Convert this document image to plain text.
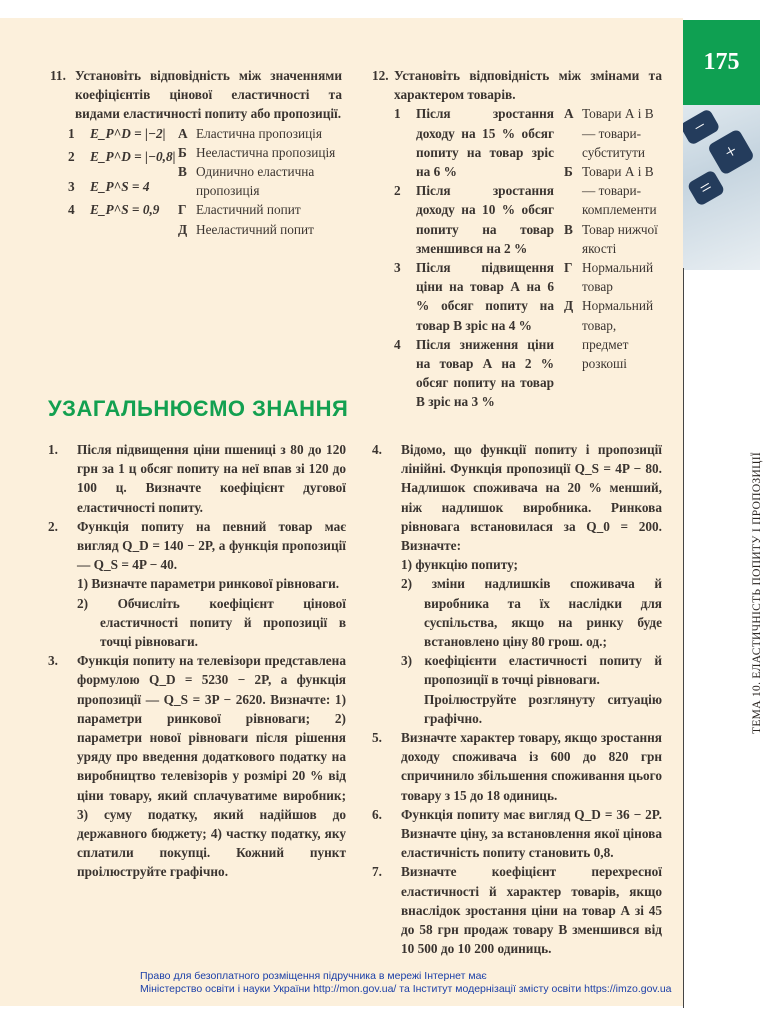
175
−
+
=
ТЕМА 10. ЕЛАСТИЧНІСТЬ ПОПИТУ І ПРОПОЗИЦІЇ
11. Установіть відповідність між значеннями коефіцієнтів цінової еластичності та видами еластичності попиту або пропозиції.

1	E_P^D = |−2|
2	E_P^D = |−0,8|
3	E_P^S = 4
4	E_P^S = 0,9
А Еластична пропозиція
Б Нееластична пропозиція
В Одинично еластична пропозиція
Г Еластичний попит
Д Нееластичний попит
12. Установіть відповідність між змінами та характером товарів.

1	Після зростання доходу на 15 % обсяг попиту на товар зріс на 6 %
2	Після зростання доходу на 10 % обсяг попиту на товар зменшився на 2 %
3	Після підвищення ціни на товар А на 6 % обсяг попиту на товар В зріс на 4 %
4	Після зниження ціни на товар А на 2 % обсяг попиту на товар В зріс на 3 %
А Товари А і В — товари-субститути
Б Товари А і В — товари-комплементи
В Товар нижчої якості
Г Нормальний товар
Д Нормальний товар, предмет розкоші
УЗАГАЛЬНЮЄМО ЗНАННЯ
1.	Після підвищення ціни пшениці з 80 до 120 грн за 1 ц обсяг попиту на неї впав зі 120 до 100 ц. Визначте коефіцієнт дугової еластичності попиту.

2.	Функція попиту на певний товар має вигляд Q_D = 140 − 2P, а функція пропозиції — Q_S = 4P − 40.

1) Визначте параметри ринкової рівноваги.

2) Обчисліть коефіцієнт цінової еластичності попиту й пропозиції в точці рівноваги.

3.	Функція попиту на телевізори представлена формулою Q_D = 5230 − 2P, а функція пропозиції — Q_S = 3P − 2620. Визначте: 1) параметри ринкової рівноваги; 2) параметри нової рівноваги після рішення уряду про введення додаткового податку на виробництво телевізорів у розмірі 20 % від ціни товару, який сплачуватиме виробник; 3) суму податку, який надійшов до державного бюджету; 4) частку податку, яку сплатили покупці. Кожний пункт проілюструйте графічно.

4.	Відомо, що функції попиту і пропозиції лінійні. Функція пропозиції Q_S = 4P − 80. Надлишок споживача на 20 % менший, ніж надлишок виробника. Ринкова рівновага встановилася за Q_0 = 200. Визначте:

1) функцію попиту;

2) зміни надлишків споживача й виробника та їх наслідки для суспільства, якщо на ринку буде встановлено ціну 80 грош. од.;

3) коефіцієнти еластичності попиту й пропозиції в точці рівноваги.

Проілюструйте розглянуту ситуацію графічно.

5.	Визначте характер товару, якщо зростання доходу споживача із 600 до 820 грн спричинило збільшення споживання цього товару з 15 до 18 одиниць.

6.	Функція попиту має вигляд Q_D = 36 − 2P. Визначте ціну, за встановлення якої цінова еластичність попиту становить 0,8.

7.	Визначте коефіцієнт перехресної еластичності й характер товарів, якщо внаслідок зростання ціни на товар А зі 45 до 58 грн продаж товару В зменшився від 10 500 до 10 200 одиниць.

Право для безоплатного розміщення підручника в мережі Інтернет має
Міністерство освіти і науки України http://mon.gov.ua/ та Інститут модернізації змісту освіти https://imzo.gov.ua
